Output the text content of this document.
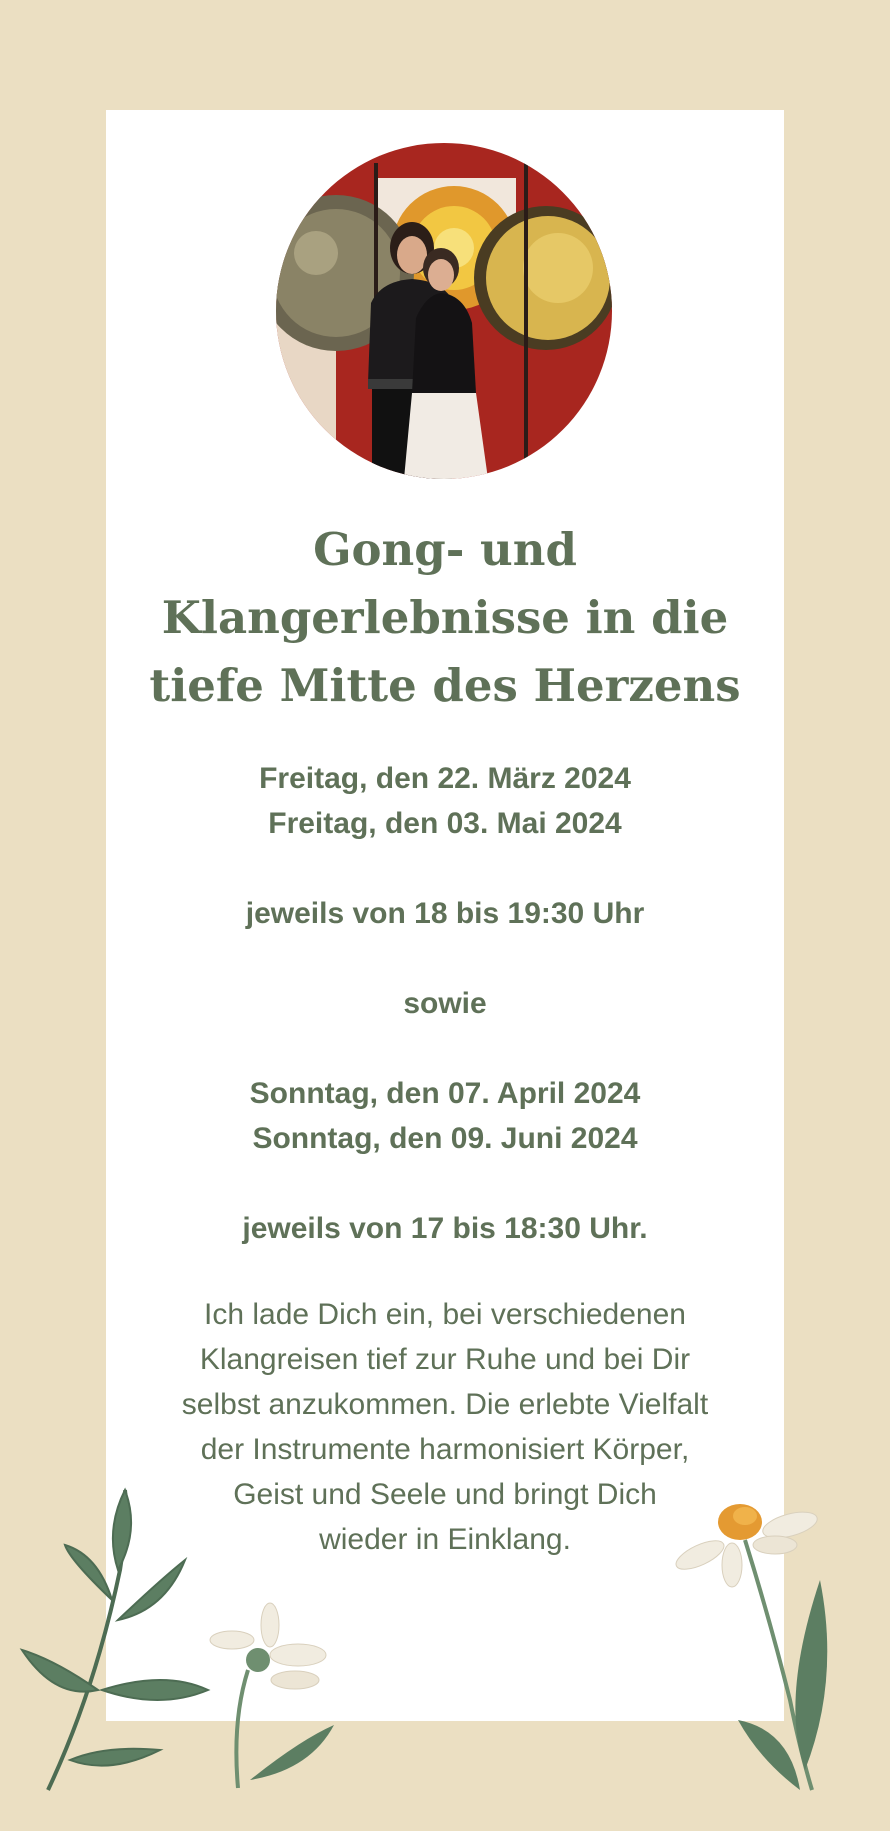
Gong- und
Klangerlebnisse in die
tiefe Mitte des Herzens
Freitag, den 22. März 2024
Freitag, den 03. Mai 2024
jeweils von 18 bis 19:30 Uhr
sowie
Sonntag, den 07. April 2024
Sonntag, den 09. Juni 2024
jeweils von 17 bis 18:30 Uhr.

Ich lade Dich ein, bei verschiedenen
Klangreisen tief zur Ruhe und bei Dir
selbst anzukommen. Die erlebte Vielfalt
der Instrumente harmonisiert Körper,
Geist und Seele und bringt Dich
wieder in Einklang.
